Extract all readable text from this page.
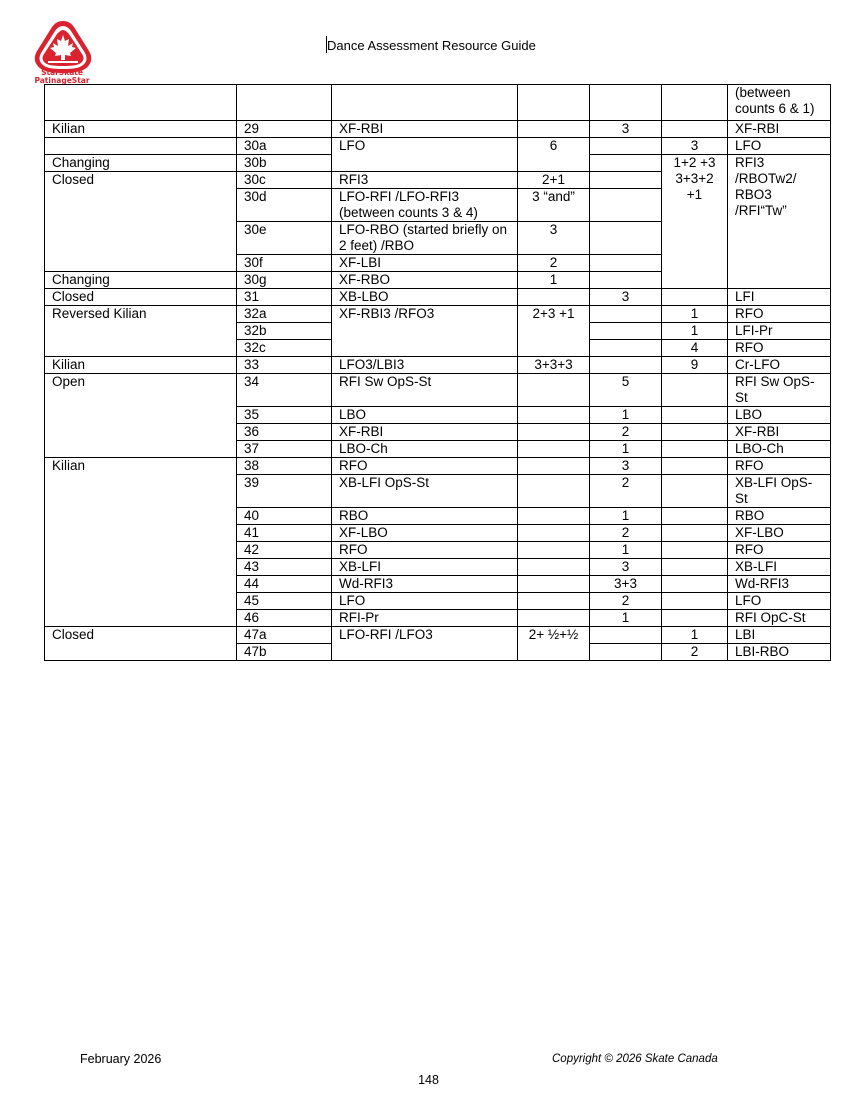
StarSkate
PatinageStar
Dance Assessment Resource Guide
						(between counts 6 & 1)
Kilian	29	XF-RBI		3		XF-RBI
	30a	LFO	6		3	LFO
Changing	30b				1+2 +3 3+3+2 +1	RFI3 /RBOTw2/ RBO3 /RFI“Tw”
Closed	30c	RFI3	2+1			
	30d	LFO-RFI /LFO-RFI3 (between counts 3 & 4)	3 “and”			
	30e	LFO-RBO (started briefly on 2 feet) /RBO	3			
	30f	XF-LBI	2			
Changing	30g	XF-RBO	1			
Closed	31	XB-LBO		3		LFI
Reversed Kilian	32a	XF-RBI3 /RFO3	2+3 +1		1	RFO
	32b				1	LFI-Pr
	32c				4	RFO
Kilian	33	LFO3/LBI3	3+3+3		9	Cr-LFO
Open	34	RFI Sw OpS-St		5		RFI Sw OpS-St
	35	LBO		1		LBO
	36	XF-RBI		2		XF-RBI
	37	LBO-Ch		1		LBO-Ch
Kilian	38	RFO		3		RFO
	39	XB-LFI OpS-St		2		XB-LFI OpS-St
	40	RBO		1		RBO
	41	XF-LBO		2		XF-LBO
	42	RFO		1		RFO
	43	XB-LFI		3		XB-LFI
	44	Wd-RFI3		3+3		Wd-RFI3
	45	LFO		2		LFO
	46	RFI-Pr		1		RFI OpC-St
Closed	47a	LFO-RFI /LFO3	2+ ½+½		1	LBI
	47b				2	LBI-RBO
February 2026	Copyright © 2026 Skate Canada
148
